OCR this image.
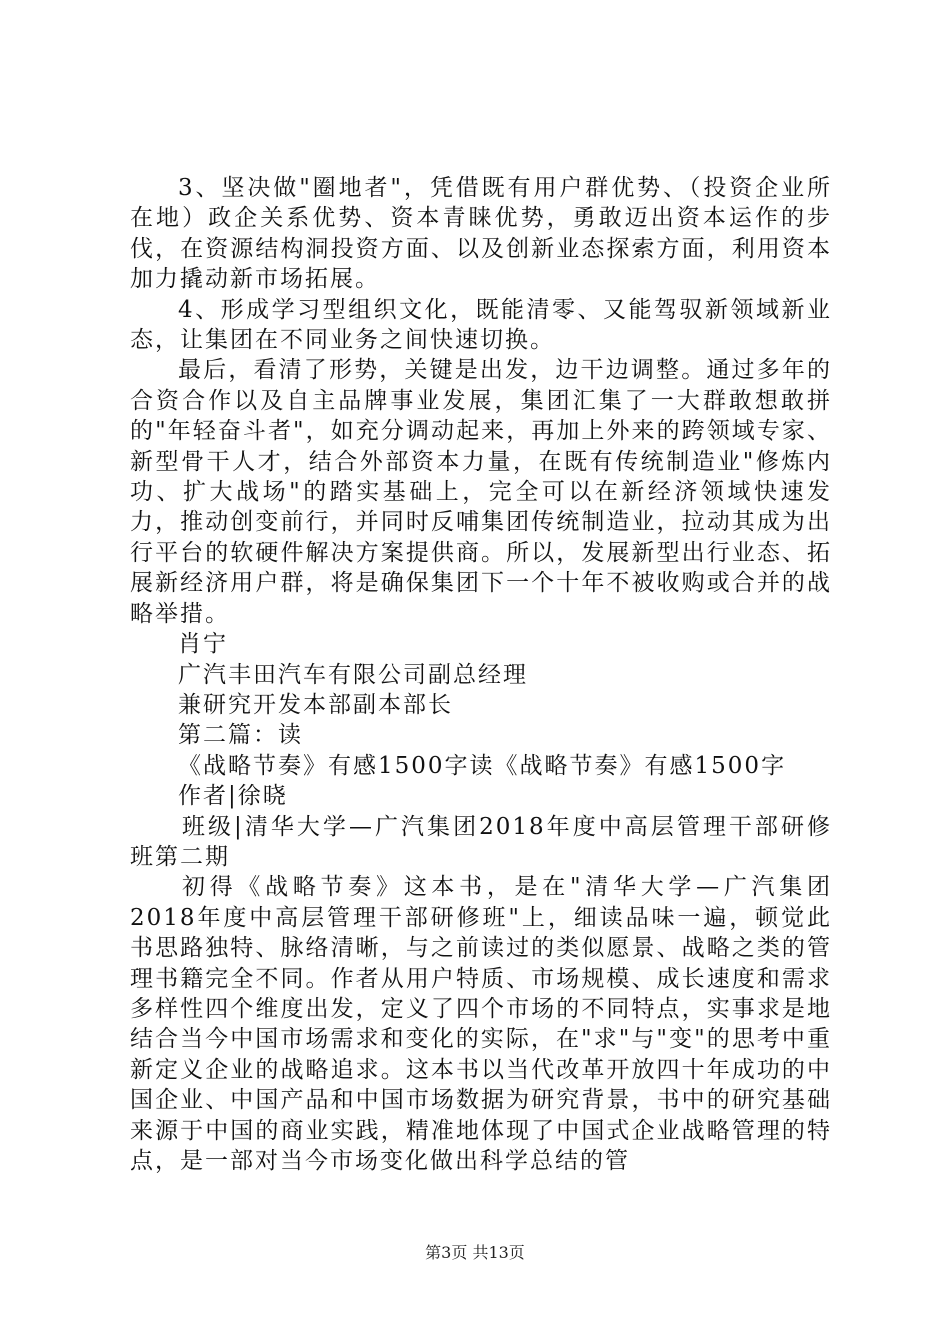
3、坚决做"圈地者"，凭借既有用户群优势、（投资企业所在地）政企关系优势、资本青睐优势，勇敢迈出资本运作的步伐，在资源结构洞投资方面、以及创新业态探索方面，利用资本加力撬动新市场拓展。

4、形成学习型组织文化，既能清零、又能驾驭新领域新业态，让集团在不同业务之间快速切换。

最后，看清了形势，关键是出发，边干边调整。通过多年的合资合作以及自主品牌事业发展，集团汇集了一大群敢想敢拼的"年轻奋斗者"，如充分调动起来，再加上外来的跨领域专家、新型骨干人才，结合外部资本力量，在既有传统制造业"修炼内功、扩大战场"的踏实基础上，完全可以在新经济领域快速发力，推动创变前行，并同时反哺集团传统制造业，拉动其成为出行平台的软硬件解决方案提供商。所以，发展新型出行业态、拓展新经济用户群，将是确保集团下一个十年不被收购或合并的战略举措。

肖宁

广汽丰田汽车有限公司副总经理

兼研究开发本部副本部长

第二篇：读

《战略节奏》有感1500字读《战略节奏》有感1500字

作者|徐晓

班级|清华大学—广汽集团2018年度中高层管理干部研修班第二期

初得《战略节奏》这本书，是在"清华大学—广汽集团2018年度中高层管理干部研修班"上，细读品味一遍，顿觉此书思路独特、脉络清晰，与之前读过的类似愿景、战略之类的管理书籍完全不同。作者从用户特质、市场规模、成长速度和需求多样性四个维度出发，定义了四个市场的不同特点，实事求是地结合当今中国市场需求和变化的实际，在"求"与"变"的思考中重新定义企业的战略追求。这本书以当代改革开放四十年成功的中国企业、中国产品和中国市场数据为研究背景，书中的研究基础来源于中国的商业实践，精准地体现了中国式企业战略管理的特点，是一部对当今市场变化做出科学总结的管

第3页 共13页
